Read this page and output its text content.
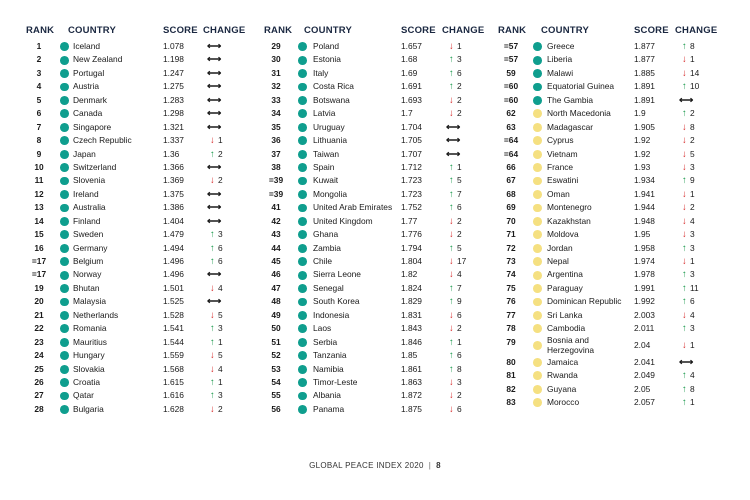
RANK COUNTRY	SCORE CHANGE
1	Iceland	1.078 ⟷
2	New Zealand	1.198 ⟷
3	Portugal	1.247 ⟷
4	Austria	1.275 ⟷
5	Denmark	1.283 ⟷
6	Canada	1.298 ⟷
7	Singapore	1.321 ⟷
8	Czech Republic	1.337	↓ 1
9	Japan	1.36	↑ 2
10	Switzerland	1.366 ⟷
11	Slovenia	1.369	↓ 2
12	Ireland	1.375 ⟷
13	Australia	1.386 ⟷
14	Finland	1.404 ⟷
15	Sweden	1.479	↑ 3
16	Germany	1.494	↑ 6
=17	Belgium	1.496	↑ 6
=17	Norway	1.496 ⟷
19	Bhutan	1.501	↓ 4
20	Malaysia	1.525 ⟷
21	Netherlands	1.528	↓ 5
22	Romania	1.541	↑ 3
23	Mauritius	1.544	↑ 1
24	Hungary	1.559	↓ 5
25	Slovakia	1.568	↓ 4
26	Croatia	1.615	↑ 1
27	Qatar	1.616	↑ 3
28	Bulgaria	1.628	↓ 2
RANK COUNTRY	SCORE CHANGE
29	Poland	1.657	↓ 1
30	Estonia	1.68	↑ 3
31	Italy	1.69	↑ 6
32	Costa Rica	1.691	↑ 2
33	Botswana	1.693	↓ 2
34	Latvia	1.7	↓ 2
35	Uruguay	1.704 ⟷
36	Lithuania	1.705 ⟷
37	Taiwan	1.707 ⟷
38	Spain	1.712	↑ 1
=39	Kuwait	1.723	↑ 5
=39	Mongolia	1.723	↑ 7
41	United Arab Emirates 1.752	↑ 6
42	United Kingdom	1.77	↓ 2
43	Ghana	1.776	↓ 2
44	Zambia	1.794	↑ 5
45	Chile	1.804	↓ 17
46	Sierra Leone	1.82	↓ 4
47	Senegal	1.824	↑ 7
48	South Korea	1.829	↑ 9
49	Indonesia	1.831	↓ 6
50	Laos	1.843	↓ 2
51	Serbia	1.846	↑ 1
52	Tanzania	1.85	↑ 6
53	Namibia	1.861	↑ 8
54	Timor-Leste	1.863	↓ 3
55	Albania	1.872	↓ 2
56	Panama	1.875	↓ 6
RANK COUNTRY	SCORE CHANGE
=57	Greece	1.877	↑ 8
=57	Liberia	1.877	↓ 1
59	Malawi	1.885	↓ 14
=60	Equatorial Guinea 1.891	↑ 10
=60	The Gambia	1.891 ⟷
62	North Macedonia	1.9	↑ 2
63	Madagascar	1.905	↓ 8
=64	Cyprus	1.92	↓ 2
=64	Vietnam	1.92	↓ 5
66	France	1.93	↓ 3
67	Eswatini	1.934	↑ 9
68	Oman	1.941	↓ 1
69	Montenegro	1.944	↓ 2
70	Kazakhstan	1.948	↓ 4
71	Moldova	1.95	↓ 3
72	Jordan	1.958	↑ 3
73	Nepal	1.974	↓ 1
74	Argentina	1.978	↑ 3
75	Paraguay	1.991	↑ 11
76	Dominican Republic 1.992	↑ 6
77	Sri Lanka	2.003	↓ 4
78	Cambodia	2.011	↑ 3
79	Bosnia and Herzegovina	2.04	↓ 1
80	Jamaica	2.041 ⟷
81	Rwanda	2.049	↑ 4
82	Guyana	2.05	↑ 8
83	Morocco	2.057	↑ 1
GLOBAL PEACE INDEX 2020 | 8
